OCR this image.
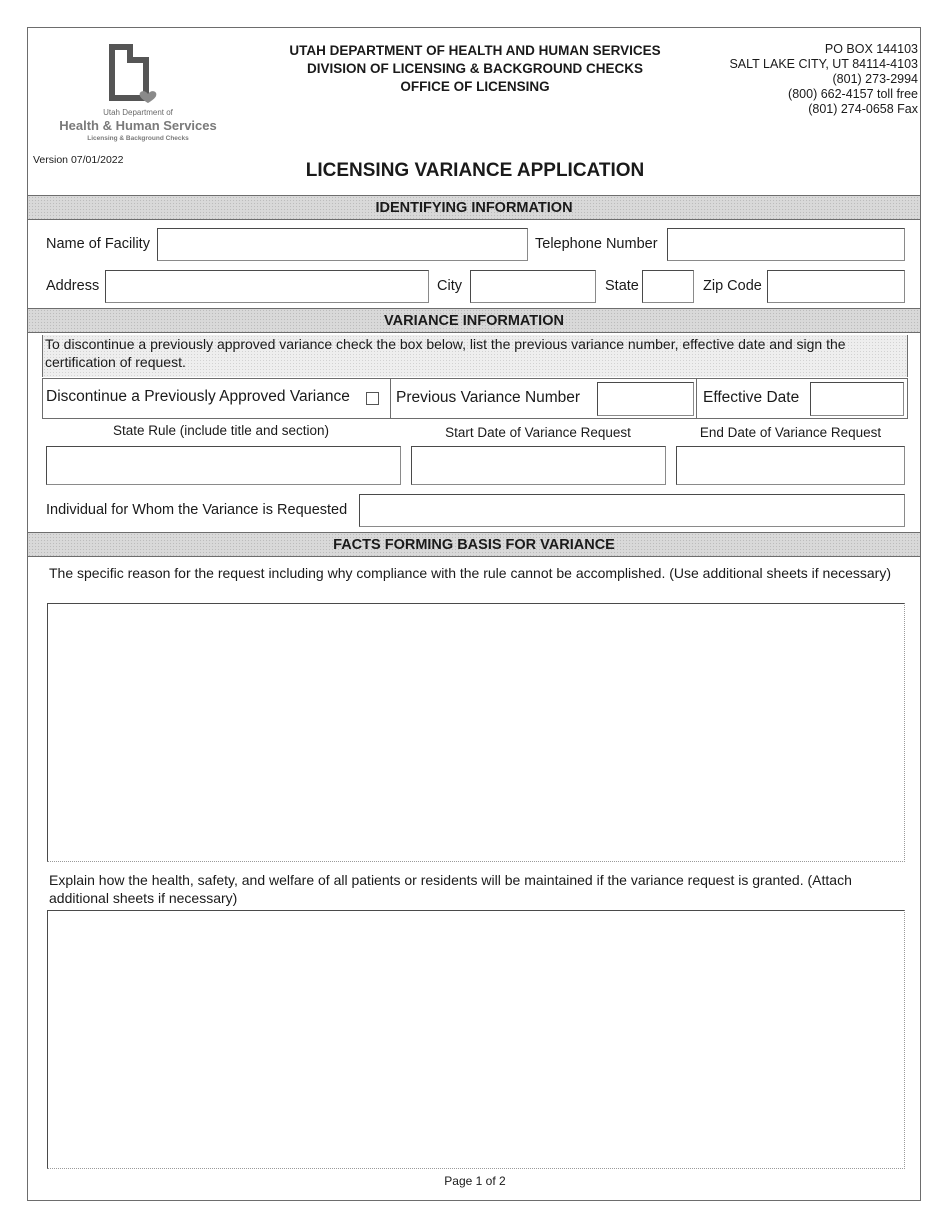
Utah Department of
Health & Human Services
Licensing & Background Checks
UTAH DEPARTMENT OF HEALTH AND HUMAN SERVICES
DIVISION OF LICENSING & BACKGROUND CHECKS
OFFICE OF LICENSING
PO BOX 144103
SALT LAKE CITY, UT 84114-4103
(801) 273-2994
(800) 662-4157 toll free
(801) 274-0658 Fax
Version 07/01/2022	LICENSING VARIANCE APPLICATION
IDENTIFYING INFORMATION
Name of Facility	Telephone Number
Address	City	State	Zip Code
VARIANCE INFORMATION
To discontinue a previously approved variance check the box below, list the previous variance number, effective date and sign the certification of request.
Discontinue a Previously Approved Variance	Previous Variance Number	Effective Date
State Rule (include title and section)	Start Date of Variance Request	End Date of Variance Request
Individual for Whom the Variance is Requested
FACTS FORMING BASIS FOR VARIANCE
The specific reason for the request including why compliance with the rule cannot be accomplished. (Use additional sheets if necessary)
Explain how the health, safety, and welfare of all patients or residents will be maintained if the variance request is granted. (Attach additional sheets if necessary)
Page 1 of 2
